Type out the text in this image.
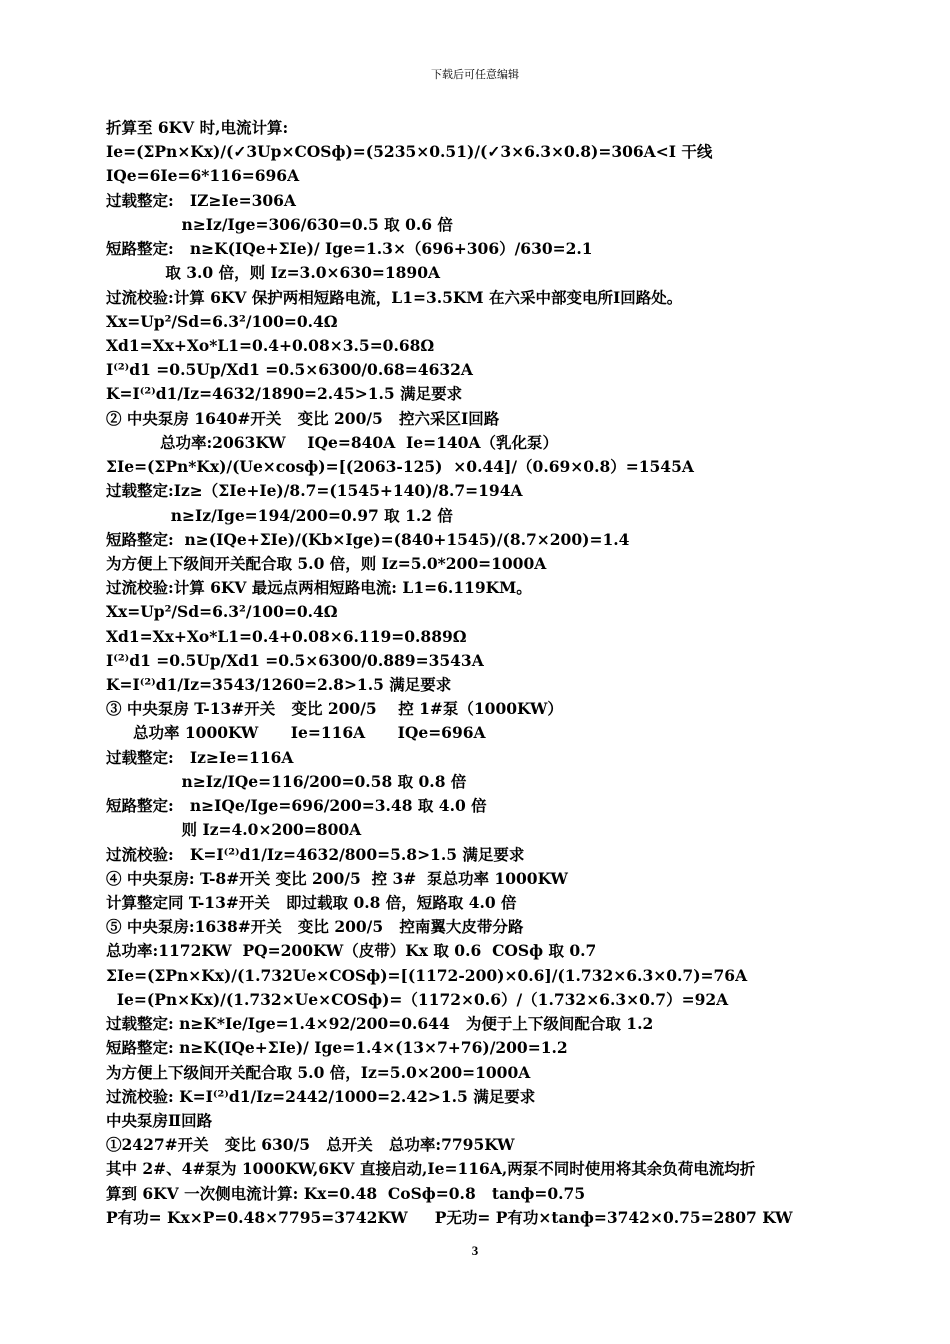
下载后可任意编辑
折算至 6KV 时,电流计算:
Ie=(ΣPn×Kx)/(✓3Up×COSф)=(5235×0.51)/(✓3×6.3×0.8)=306A<I 干线
IQe=6Ie=6*116=696A
过载整定:   IZ≥Ie=306A
n≥Iz/Ige=306/630=0.5 取 0.6 倍
短路整定:   n≥K(IQe+ΣIe)/ Ige=1.3×（696+306）/630=2.1
取 3.0 倍，则 Iz=3.0×630=1890A
过流校验:计算 6KV 保护两相短路电流，L1=3.5KM 在六采中部变电所Ⅰ回路处。
Xx=Up²/Sd=6.3²/100=0.4Ω
Xd1=Xx+Xo*L1=0.4+0.08×3.5=0.68Ω
I⁽²⁾d1 =0.5Up/Xd1 =0.5×6300/0.68=4632A
K=I⁽²⁾d1/Iz=4632/1890=2.45>1.5 满足要求
② 中央泵房 1640#开关   变比 200/5   控六采区Ⅰ回路
总功率:2063KW    IQe=840A  Ie=140A（乳化泵）
ΣIe=(ΣPn*Kx)/(Ue×cosф)=[(2063-125)  ×0.44]/（0.69×0.8）=1545A
过载整定:Iz≥（ΣIe+Ie)/8.7=(1545+140)/8.7=194A
n≥Iz/Ige=194/200=0.97 取 1.2 倍
短路整定:  n≥(IQe+ΣIe)/(Kb×Ige)=(840+1545)/(8.7×200)=1.4
为方便上下级间开关配合取 5.0 倍，则 Iz=5.0*200=1000A
过流校验:计算 6KV 最远点两相短路电流: L1=6.119KM。
Xx=Up²/Sd=6.3²/100=0.4Ω
Xd1=Xx+Xo*L1=0.4+0.08×6.119=0.889Ω
I⁽²⁾d1 =0.5Up/Xd1 =0.5×6300/0.889=3543A
K=I⁽²⁾d1/Iz=3543/1260=2.8>1.5 满足要求
③ 中央泵房 T-13#开关   变比 200/5    控 1#泵（1000KW）
总功率 1000KW      Ie=116A      IQe=696A
过载整定:   Iz≥Ie=116A
n≥Iz/IQe=116/200=0.58 取 0.8 倍
短路整定:   n≥IQe/Ige=696/200=3.48 取 4.0 倍
则 Iz=4.0×200=800A
过流校验:   K=I⁽²⁾d1/Iz=4632/800=5.8>1.5 满足要求
④ 中央泵房: T-8#开关 变比 200/5  控 3#  泵总功率 1000KW
计算整定同 T-13#开关   即过载取 0.8 倍，短路取 4.0 倍
⑤ 中央泵房:1638#开关   变比 200/5   控南翼大皮带分路
总功率:1172KW  PQ=200KW（皮带）Kx 取 0.6  COSф 取 0.7
ΣIe=(ΣPn×Kx)/(1.732Ue×COSф)=[(1172-200)×0.6]/(1.732×6.3×0.7)=76A
Ie=(Pn×Kx)/(1.732×Ue×COSф)=（1172×0.6）/（1.732×6.3×0.7）=92A
过载整定: n≥K*Ie/Ige=1.4×92/200=0.644   为便于上下级间配合取 1.2
短路整定: n≥K(IQe+ΣIe)/ Ige=1.4×(13×7+76)/200=1.2
为方便上下级间开关配合取 5.0 倍，Iz=5.0×200=1000A
过流校验: K=I⁽²⁾d1/Iz=2442/1000=2.42>1.5 满足要求
中央泵房Ⅱ回路
①2427#开关   变比 630/5   总开关   总功率:7795KW
其中 2#、4#泵为 1000KW,6KV 直接启动,Ie=116A,两泵不同时使用将其余负荷电流均折
算到 6KV 一次侧电流计算: Kx=0.48  CoSф=0.8   tanф=0.75
P有功= Kx×P=0.48×7795=3742KW     P无功= P有功×tanф=3742×0.75=2807 KW
3
